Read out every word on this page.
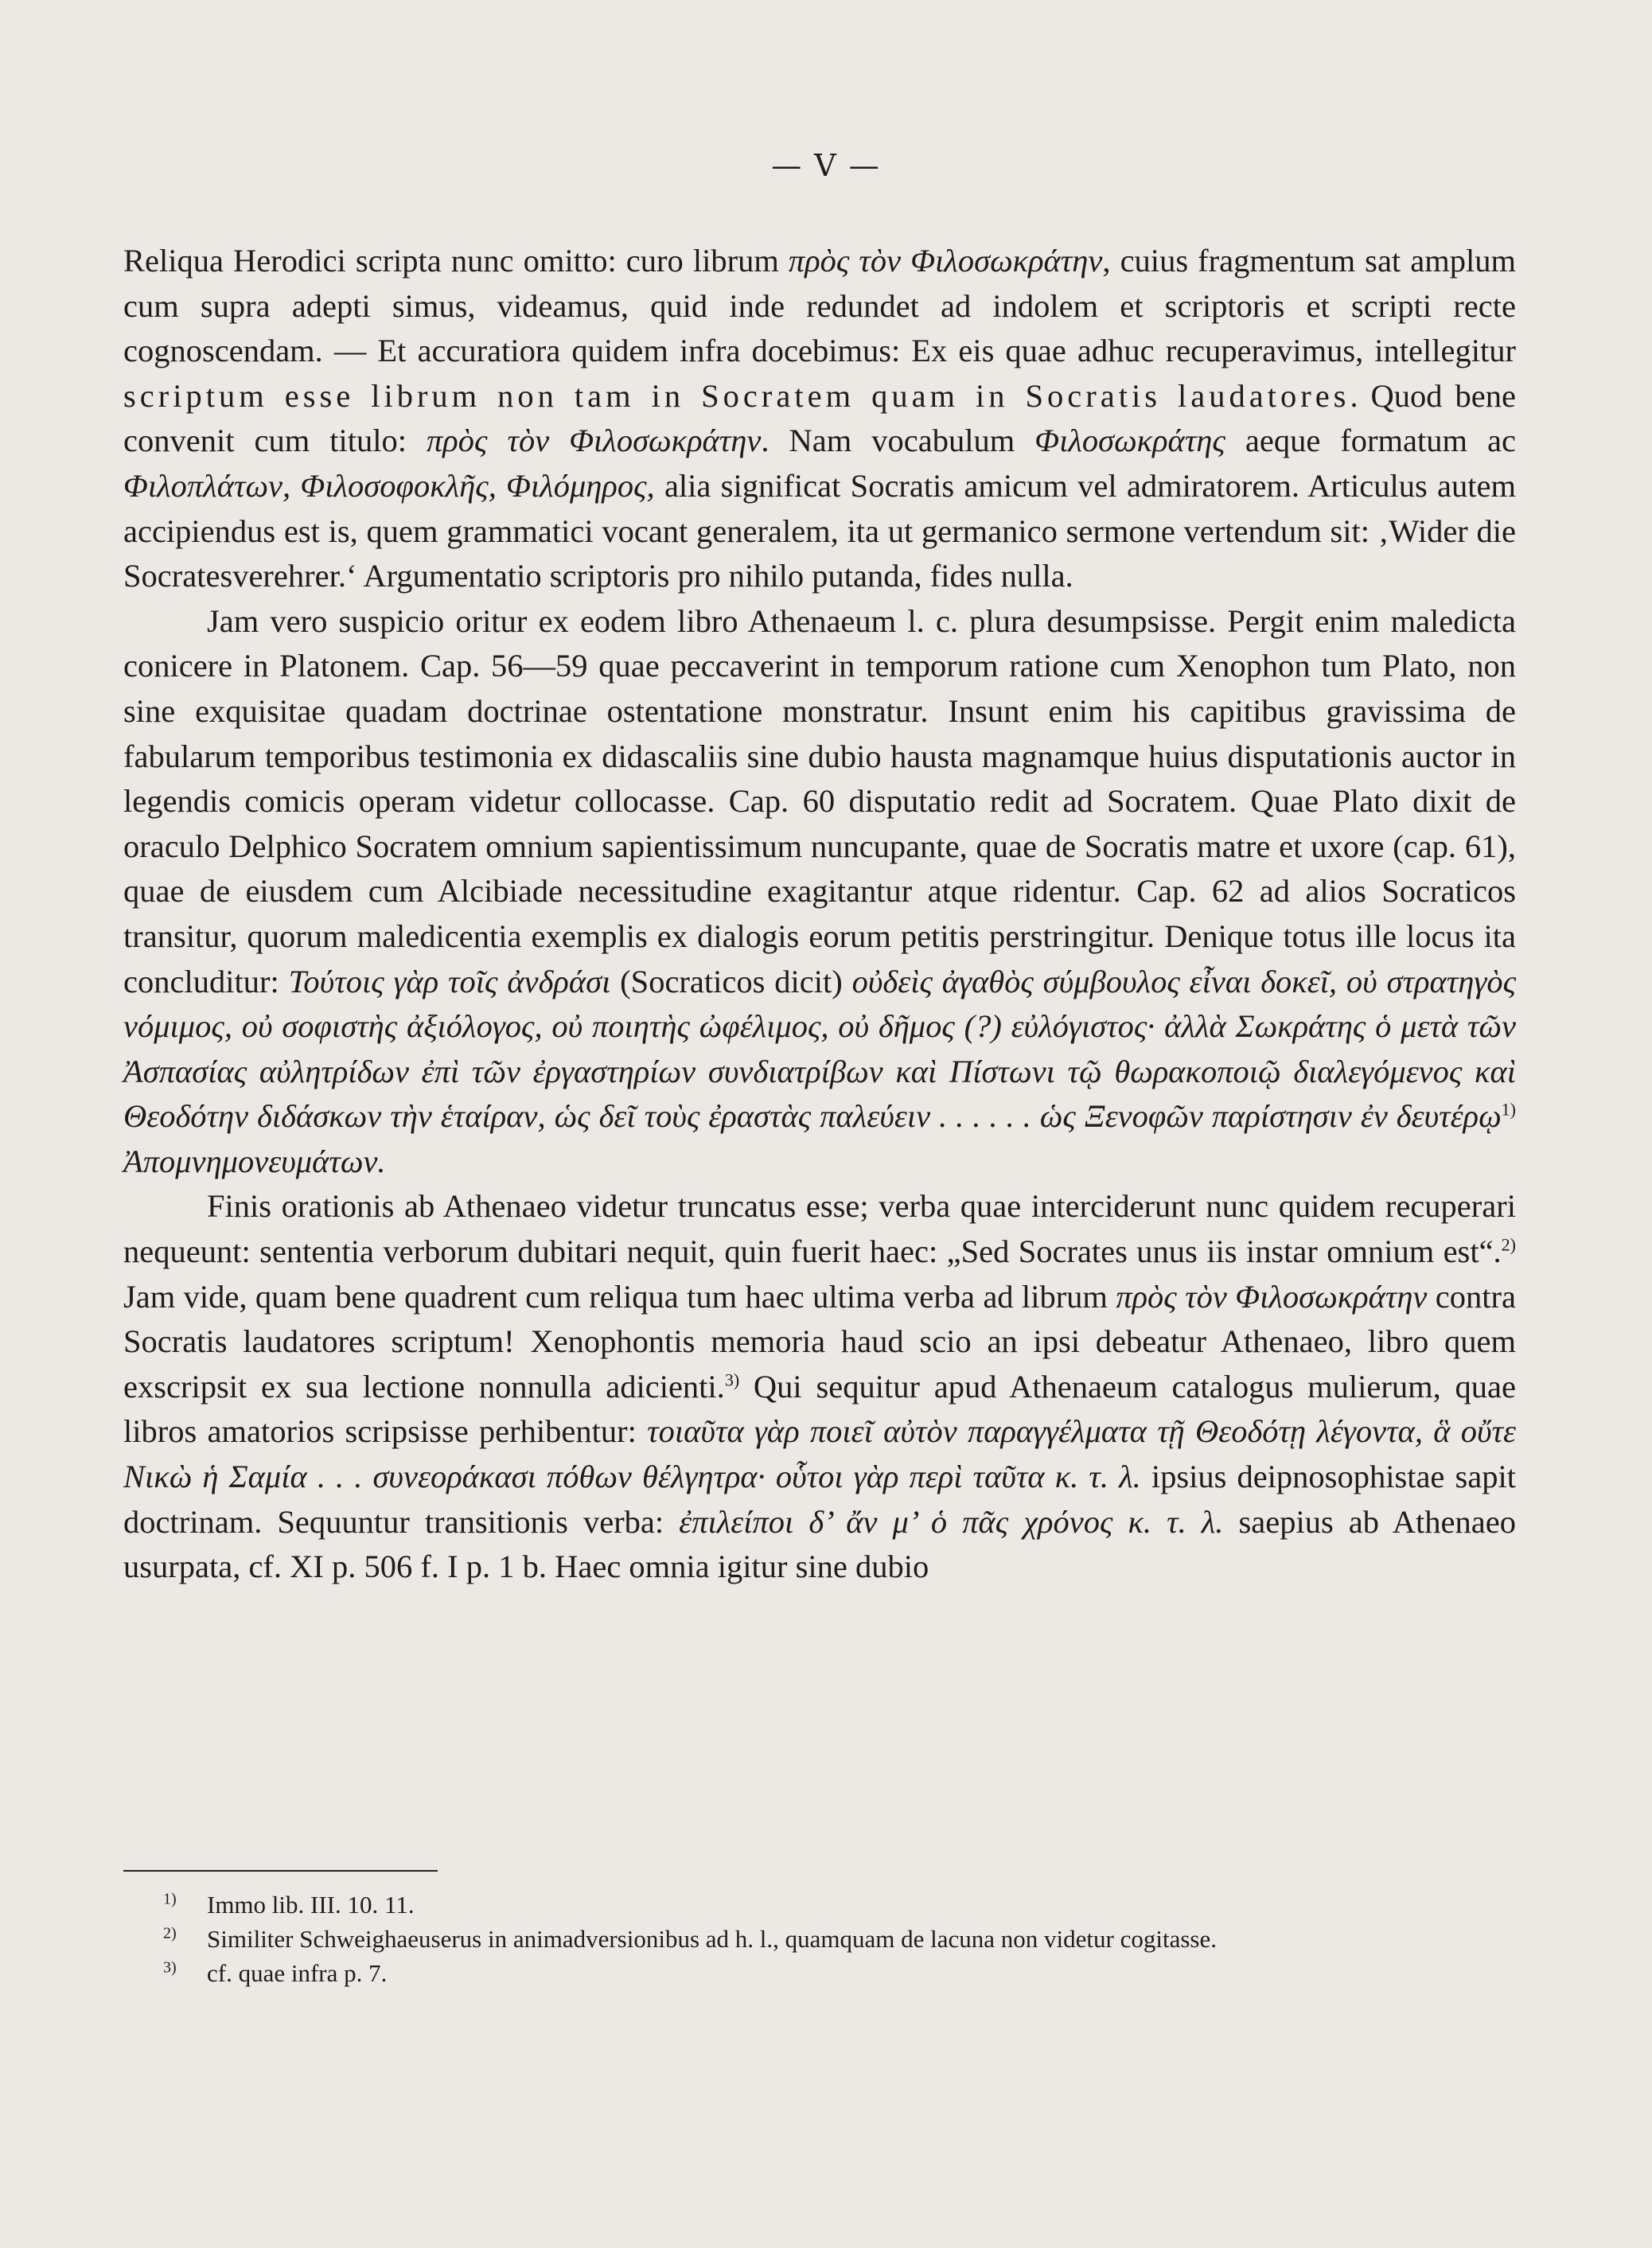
— V —

Reliqua Herodici scripta nunc omitto: curo librum πρὸς τὸν Φιλοσωκράτην, cuius fragmentum sat amplum cum supra adepti simus, videamus, quid inde redundet ad indolem et scriptoris et scripti recte cognoscendam. — Et accuratiora quidem infra docebimus: Ex eis quae adhuc recuperavimus, intellegitur scriptum esse librum non tam in Socratem quam in Socratis laudatores. Quod bene convenit cum titulo: πρὸς τὸν Φιλοσωκράτην. Nam vocabulum Φιλοσωκράτης aeque formatum ac Φιλοπλάτων, Φιλοσοφοκλῆς, Φιλόμηρος, alia significat Socratis amicum vel admiratorem. Articulus autem accipiendus est is, quem grammatici vocant generalem, ita ut germanico sermone vertendum sit: ‚Wider die Socratesverehrer.‘ Argumentatio scriptoris pro nihilo putanda, fides nulla.

Jam vero suspicio oritur ex eodem libro Athenaeum l. c. plura desumpsisse. Pergit enim maledicta conicere in Platonem. Cap. 56—59 quae peccaverint in temporum ratione cum Xenophon tum Plato, non sine exquisitae quadam doctrinae ostentatione monstratur. Insunt enim his capitibus gravissima de fabularum temporibus testimonia ex didascaliis sine dubio hausta magnamque huius disputationis auctor in legendis comicis operam videtur collocasse. Cap. 60 disputatio redit ad Socratem. Quae Plato dixit de oraculo Delphico Socratem omnium sapientissimum nuncupante, quae de Socratis matre et uxore (cap. 61), quae de eiusdem cum Alcibiade necessitudine exagitantur atque ridentur. Cap. 62 ad alios Socraticos transitur, quorum maledicentia exemplis ex dialogis eorum petitis perstringitur. Denique totus ille locus ita concluditur: Τούτοις γὰρ τοῖς ἀνδράσι (Socraticos dicit) οὐδεὶς ἀγαθὸς σύμβουλος εἶναι δοκεῖ, οὐ στρατηγὸς νόμιμος, οὐ σοφιστὴς ἀξιόλογος, οὐ ποιητὴς ὠφέλιμος, οὐ δῆμος (?) εὐλόγιστος· ἀλλὰ Σωκράτης ὁ μετὰ τῶν Ἀσπασίας αὐλητρίδων ἐπὶ τῶν ἐργαστηρίων συνδιατρίβων καὶ Πίστωνι τῷ θωρακοποιῷ διαλεγόμενος καὶ Θεοδότην διδάσκων τὴν ἑταίραν, ὡς δεῖ τοὺς ἐραστὰς παλεύειν . . . . . . ὡς Ξενοφῶν παρίστησιν ἐν δευτέρῳ$^{1)}$ Ἀπομνημονευμάτων.

Finis orationis ab Athenaeo videtur truncatus esse; verba quae interciderunt nunc quidem recuperari nequeunt: sententia verborum dubitari nequit, quin fuerit haec: „Sed Socrates unus iis instar omnium est“.$^{2)}$ Jam vide, quam bene quadrent cum reliqua tum haec ultima verba ad librum πρὸς τὸν Φιλοσωκράτην contra Socratis laudatores scriptum! Xenophontis memoria haud scio an ipsi debeatur Athenaeo, libro quem exscripsit ex sua lectione nonnulla adicienti.$^{3)}$ Qui sequitur apud Athenaeum catalogus mulierum, quae libros amatorios scripsisse perhibentur: τοιαῦτα γὰρ ποιεῖ αὐτὸν παραγγέλματα τῇ Θεοδότῃ λέγοντα, ἃ οὔτε Νικὼ ἡ Σαμία . . . συνεοράκασι πόθων θέλγητρα· οὗτοι γὰρ περὶ ταῦτα κ. τ. λ. ipsius deipnosophistae sapit doctrinam. Sequuntur transitionis verba: ἐπιλείποι δ’ ἄν μ’ ὁ πᾶς χρόνος κ. τ. λ. saepius ab Athenaeo usurpata, cf. XI p. 506 f. I p. 1 b. Haec omnia igitur sine dubio

$^{1)}$	Immo lib. III. 10. 11.
$^{2)}$	Similiter Schweighaeuserus in animadversionibus ad h. l., quamquam de lacuna non videtur cogitasse.
$^{3)}$	cf. quae infra p. 7.
